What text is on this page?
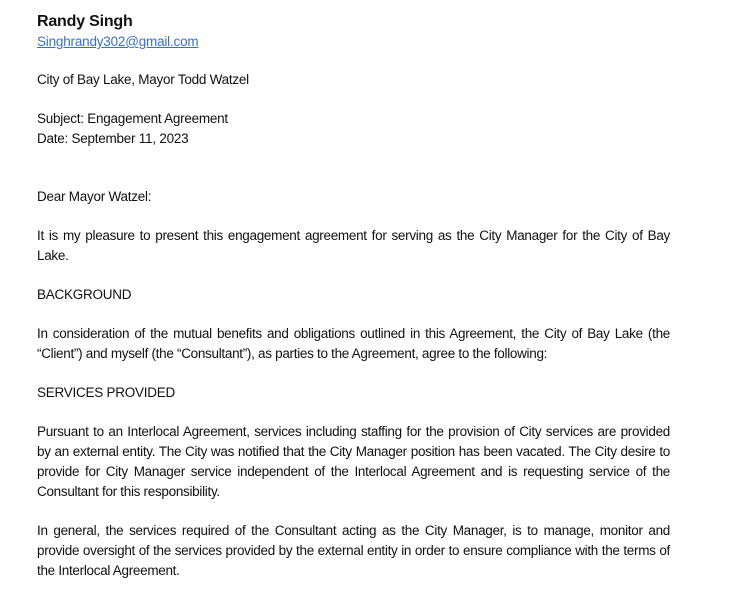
Randy Singh
Singhrandy302@gmail.com
City of Bay Lake, Mayor Todd Watzel
Subject: Engagement Agreement
Date: September 11, 2023
Dear Mayor Watzel:

It is my pleasure to present this engagement agreement for serving as the City Manager for the City of Bay Lake.

BACKGROUND

In consideration of the mutual benefits and obligations outlined in this Agreement, the City of Bay Lake (the “Client”) and myself (the “Consultant”), as parties to the Agreement, agree to the following:

SERVICES PROVIDED

Pursuant to an Interlocal Agreement, services including staffing for the provision of City services are provided by an external entity. The City was notified that the City Manager position has been vacated. The City desire to provide for City Manager service independent of the Interlocal Agreement and is requesting service of the Consultant for this responsibility.

In general, the services required of the Consultant acting as the City Manager, is to manage, monitor and provide oversight of the services provided by the external entity in order to ensure compliance with the terms of the Interlocal Agreement.
